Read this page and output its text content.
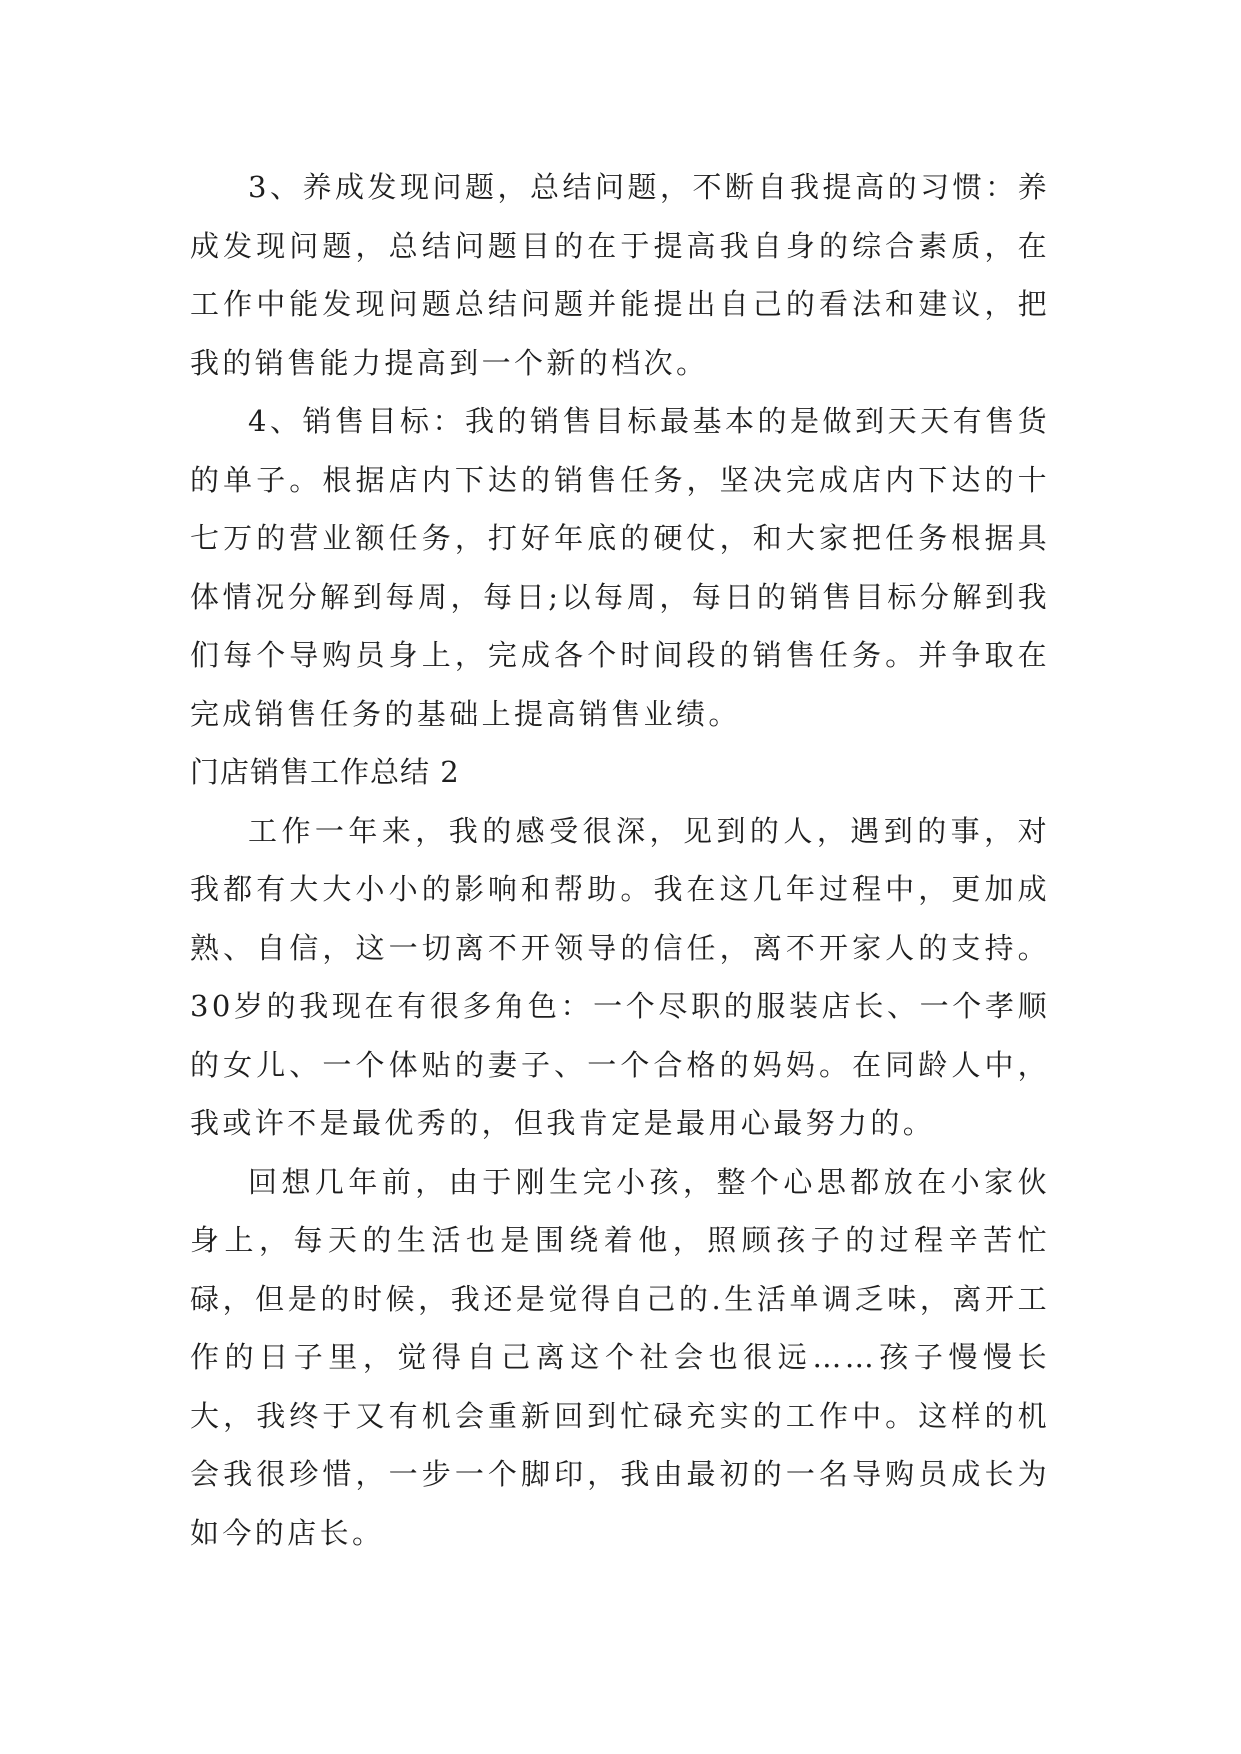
3、养成发现问题，总结问题，不断自我提高的习惯：养成发现问题，总结问题目的在于提高我自身的综合素质，在工作中能发现问题总结问题并能提出自己的看法和建议，把我的销售能力提高到一个新的档次。

4、销售目标：我的销售目标最基本的是做到天天有售货的单子。根据店内下达的销售任务，坚决完成店内下达的十七万的营业额任务，打好年底的硬仗，和大家把任务根据具体情况分解到每周，每日;以每周，每日的销售目标分解到我们每个导购员身上，完成各个时间段的销售任务。并争取在完成销售任务的基础上提高销售业绩。

门店销售工作总结 2

工作一年来，我的感受很深，见到的人，遇到的事，对我都有大大小小的影响和帮助。我在这几年过程中，更加成熟、自信，这一切离不开领导的信任，离不开家人的支持。30岁的我现在有很多角色：一个尽职的服装店长、一个孝顺的女儿、一个体贴的妻子、一个合格的妈妈。在同龄人中，我或许不是最优秀的，但我肯定是最用心最努力的。

回想几年前，由于刚生完小孩，整个心思都放在小家伙身上，每天的生活也是围绕着他，照顾孩子的过程辛苦忙碌，但是的时候，我还是觉得自己的.生活单调乏味，离开工作的日子里，觉得自己离这个社会也很远……孩子慢慢长大，我终于又有机会重新回到忙碌充实的工作中。这样的机会我很珍惜，一步一个脚印，我由最初的一名导购员成长为如今的店长。
